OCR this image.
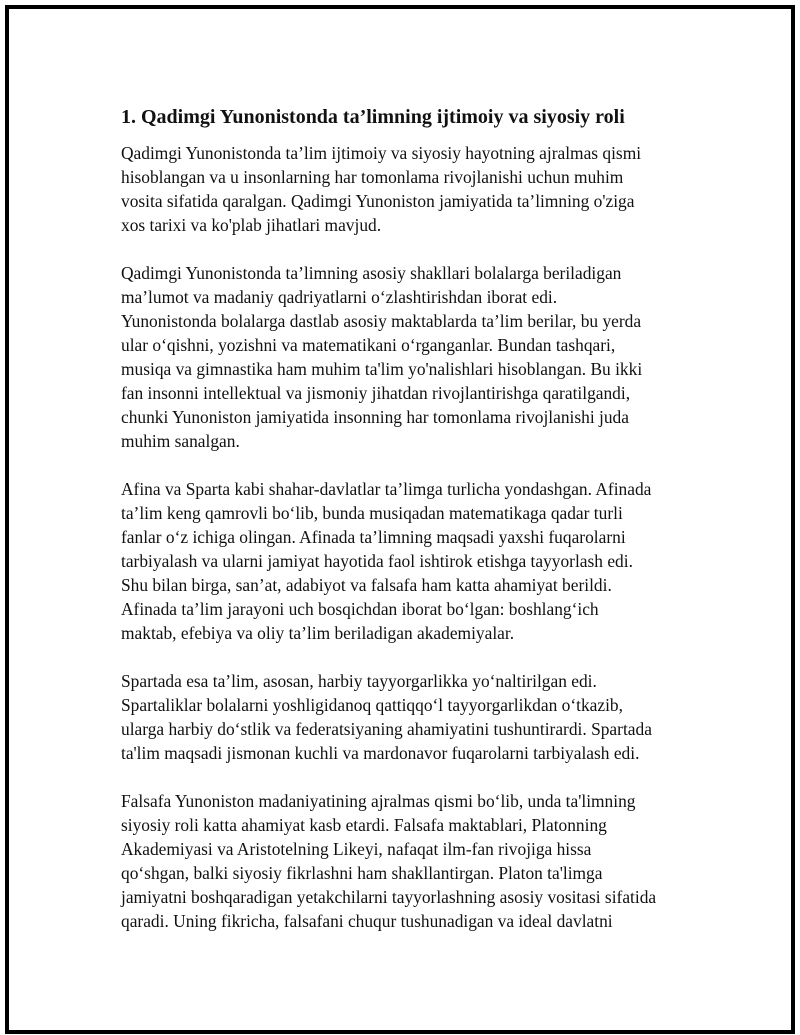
1. Qadimgi Yunonistonda ta’limning ijtimoiy va siyosiy roli

Qadimgi Yunonistonda ta’lim ijtimoiy va siyosiy hayotning ajralmas qismi
hisoblangan va u insonlarning har tomonlama rivojlanishi uchun muhim
vosita sifatida qaralgan. Qadimgi Yunoniston jamiyatida ta’limning o'ziga
xos tarixi va ko'plab jihatlari mavjud.

Qadimgi Yunonistonda ta’limning asosiy shakllari bolalarga beriladigan
ma’lumot va madaniy qadriyatlarni o‘zlashtirishdan iborat edi.
Yunonistonda bolalarga dastlab asosiy maktablarda ta’lim berilar, bu yerda
ular o‘qishni, yozishni va matematikani o‘rganganlar. Bundan tashqari,
musiqa va gimnastika ham muhim ta'lim yo'nalishlari hisoblangan. Bu ikki
fan insonni intellektual va jismoniy jihatdan rivojlantirishga qaratilgandi,
chunki Yunoniston jamiyatida insonning har tomonlama rivojlanishi juda
muhim sanalgan.

Afina va Sparta kabi shahar-davlatlar ta’limga turlicha yondashgan. Afinada
ta’lim keng qamrovli bo‘lib, bunda musiqadan matematikaga qadar turli
fanlar o‘z ichiga olingan. Afinada ta’limning maqsadi yaxshi fuqarolarni
tarbiyalash va ularni jamiyat hayotida faol ishtirok etishga tayyorlash edi.
Shu bilan birga, san’at, adabiyot va falsafa ham katta ahamiyat berildi.
Afinada ta’lim jarayoni uch bosqichdan iborat bo‘lgan: boshlang‘ich
maktab, efebiya va oliy ta’lim beriladigan akademiyalar.

Spartada esa ta’lim, asosan, harbiy tayyorgarlikka yo‘naltirilgan edi.
Spartaliklar bolalarni yoshligidanoq qattiqqo‘l tayyorgarlikdan o‘tkazib,
ularga harbiy do‘stlik va federatsiyaning ahamiyatini tushuntirardi. Spartada
ta'lim maqsadi jismonan kuchli va mardonavor fuqarolarni tarbiyalash edi.

Falsafa Yunoniston madaniyatining ajralmas qismi bo‘lib, unda ta'limning
siyosiy roli katta ahamiyat kasb etardi. Falsafa maktablari, Platonning
Akademiyasi va Aristotelning Likeyi, nafaqat ilm-fan rivojiga hissa
qo‘shgan, balki siyosiy fikrlashni ham shakllantirgan. Platon ta'limga
jamiyatni boshqaradigan yetakchilarni tayyorlashning asosiy vositasi sifatida
qaradi. Uning fikricha, falsafani chuqur tushunadigan va ideal davlatni
